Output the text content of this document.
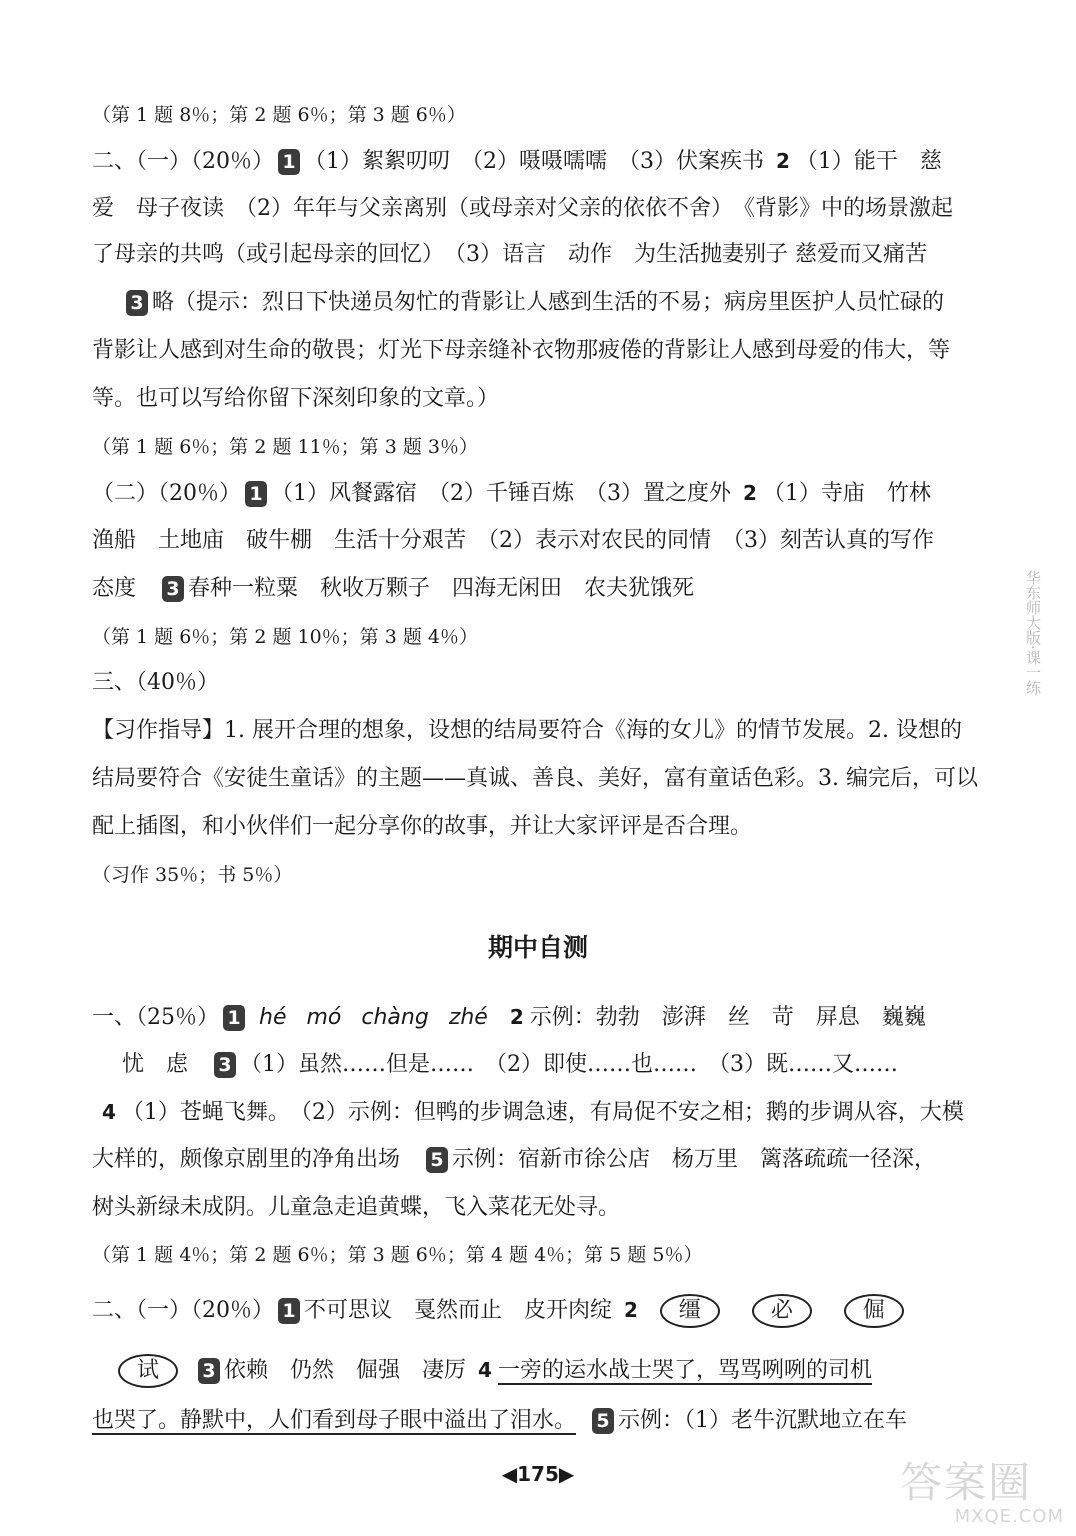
（第 1 题 8％；第 2 题 6％；第 3 题 6％）
二、（一）（20％） 1 （1）絮絮叨叨　（2）嗫嗫嚅嚅　（3）伏案疾书 2 （1）能干　慈
爱　母子夜读　（2）年年与父亲离别（或母亲对父亲的依依不舍）　《背影》中的场景激起
了母亲的共鸣（或引起母亲的回忆）　（3）语言　动作　为生活抛妻别子 慈爱而又痛苦
3 略（提示：烈日下快递员匆忙的背影让人感到生活的不易；病房里医护人员忙碌的
背影让人感到对生命的敬畏；灯光下母亲缝补衣物那疲倦的背影让人感到母爱的伟大，等
等。也可以写给你留下深刻印象的文章。）
（第 1 题 6％；第 2 题 11％；第 3 题 3％）
（二）（20％） 1 （1）风餐露宿　（2）千锤百炼　（3）置之度外 2 （1）寺庙　竹林
渔船　土地庙　破牛棚　生活十分艰苦　（2）表示对农民的同情　（3）刻苦认真的写作
态度 3 春种一粒粟　秋收万颗子　四海无闲田　农夫犹饿死
（第 1 题 6％；第 2 题 10％；第 3 题 4％）
三、（40％）
【习作指导】1. 展开合理的想象，设想的结局要符合《海的女儿》的情节发展。2. 设想的
结局要符合《安徒生童话》的主题——真诚、善良、美好，富有童话色彩。3. 编完后，可以
配上插图，和小伙伴们一起分享你的故事，并让大家评评是否合理。
（习作 35％；书 5％）
期中自测
一、（25％） 1 hé mó chàng zhé 2 示例：勃勃　澎湃　丝　苛　屏息　巍巍
忧　虑 3 （1）虽然……但是……　（2）即使……也……　（3）既……又……
4 （1）苍蝇飞舞。　（2）示例：但鸭的步调急速，有局促不安之相；鹅的步调从容，大模
大样的，颇像京剧里的净角出场 5 示例：宿新市徐公店　杨万里　篱落疏疏一径深，
树头新绿未成阴。儿童急走追黄蝶，飞入菜花无处寻。
（第 1 题 4％；第 2 题 6％；第 3 题 6％；第 4 题 4％；第 5 题 5％）
二、（一）（20％） 1 不可思议　戛然而止　皮开肉绽 2 缰	必	倔
试 3 依赖　仍然　倔强　凄厉 4 一旁的运水战士哭了，骂骂咧咧的司机
也哭了。静默中，人们看到母子眼中溢出了泪水。 5 示例：（1）老牛沉默地立在车
华东师大版·课一练
◀175▶	答案圈
MXQE.COM
